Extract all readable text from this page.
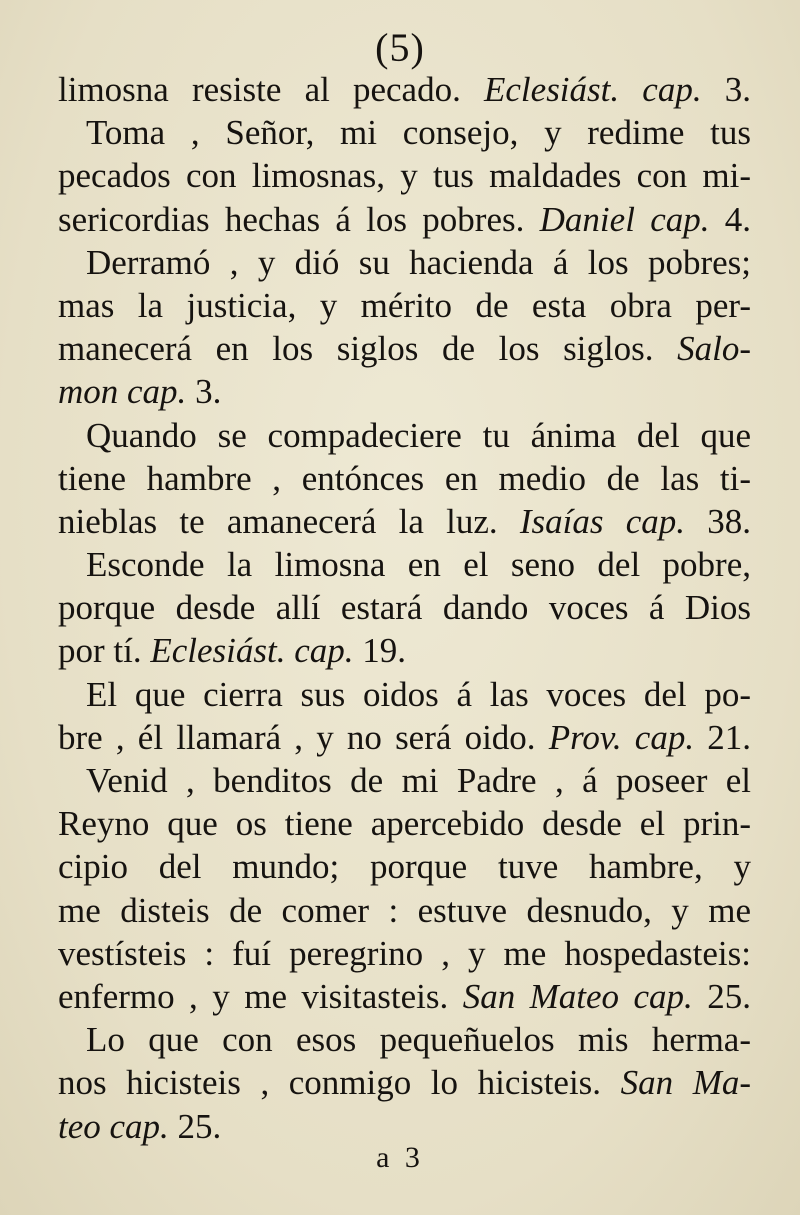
(5)
limosna resiste al pecado. Eclesiást. cap. 3.
Toma , Señor, mi consejo, y redime tus
pecados con limosnas, y tus maldades con mi-
sericordias hechas á los pobres. Daniel cap. 4.
Derramó , y dió su hacienda á los pobres;
mas la justicia, y mérito de esta obra per-
manecerá en los siglos de los siglos. Salo-
mon cap. 3.
Quando se compadeciere tu ánima del que
tiene hambre , entónces en medio de las ti-
nieblas te amanecerá la luz. Isaías cap. 38.
Esconde la limosna en el seno del pobre,
porque desde allí estará dando voces á Dios
por tí. Eclesiást. cap. 19.
El que cierra sus oidos á las voces del po-
bre , él llamará , y no será oido. Prov. cap. 21.
Venid , benditos de mi Padre , á poseer el
Reyno que os tiene apercebido desde el prin-
cipio del mundo; porque tuve hambre, y
me disteis de comer : estuve desnudo, y me
vestísteis : fuí peregrino , y me hospedasteis:
enfermo , y me visitasteis. San Mateo cap. 25.
Lo que con esos pequeñuelos mis herma-
nos hicisteis , conmigo lo hicisteis. San Ma-
teo cap. 25.
a 3
